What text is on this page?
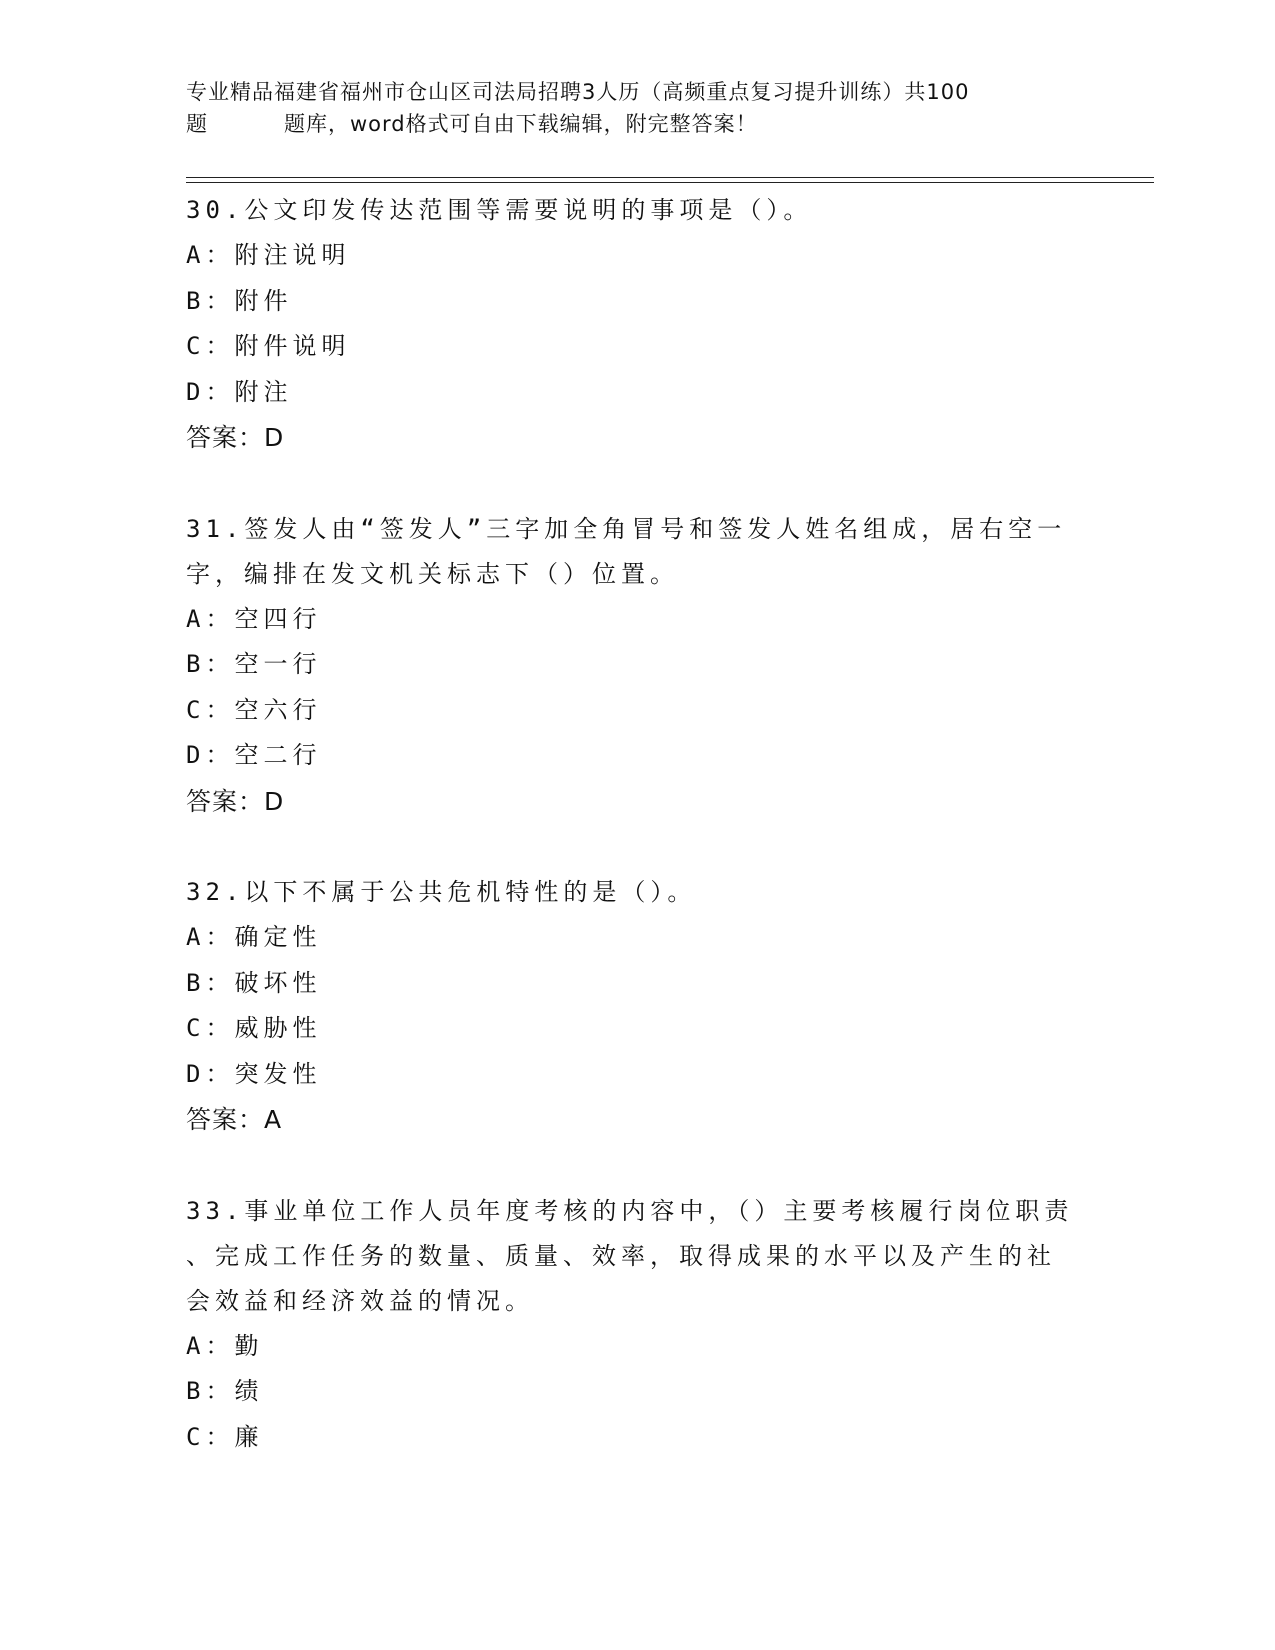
专业精品福建省福州市仓山区司法局招聘3人历（高频重点复习提升训练）共100
题	题库，word格式可自由下载编辑，附完整答案！
30.公文印发传达范围等需要说明的事项是（）。
A：附注说明
B：附件
C：附件说明
D：附注
答案：D
31.签发人由“签发人”三字加全角冒号和签发人姓名组成，居右空一
字，编排在发文机关标志下（）位置。
A：空四行
B：空一行
C：空六行
D：空二行
答案：D
32.以下不属于公共危机特性的是（）。
A：确定性
B：破坏性
C：威胁性
D：突发性
答案：A
33.事业单位工作人员年度考核的内容中，（）主要考核履行岗位职责
、完成工作任务的数量、质量、效率，取得成果的水平以及产生的社
会效益和经济效益的情况。
A：勤
B：绩
C：廉
